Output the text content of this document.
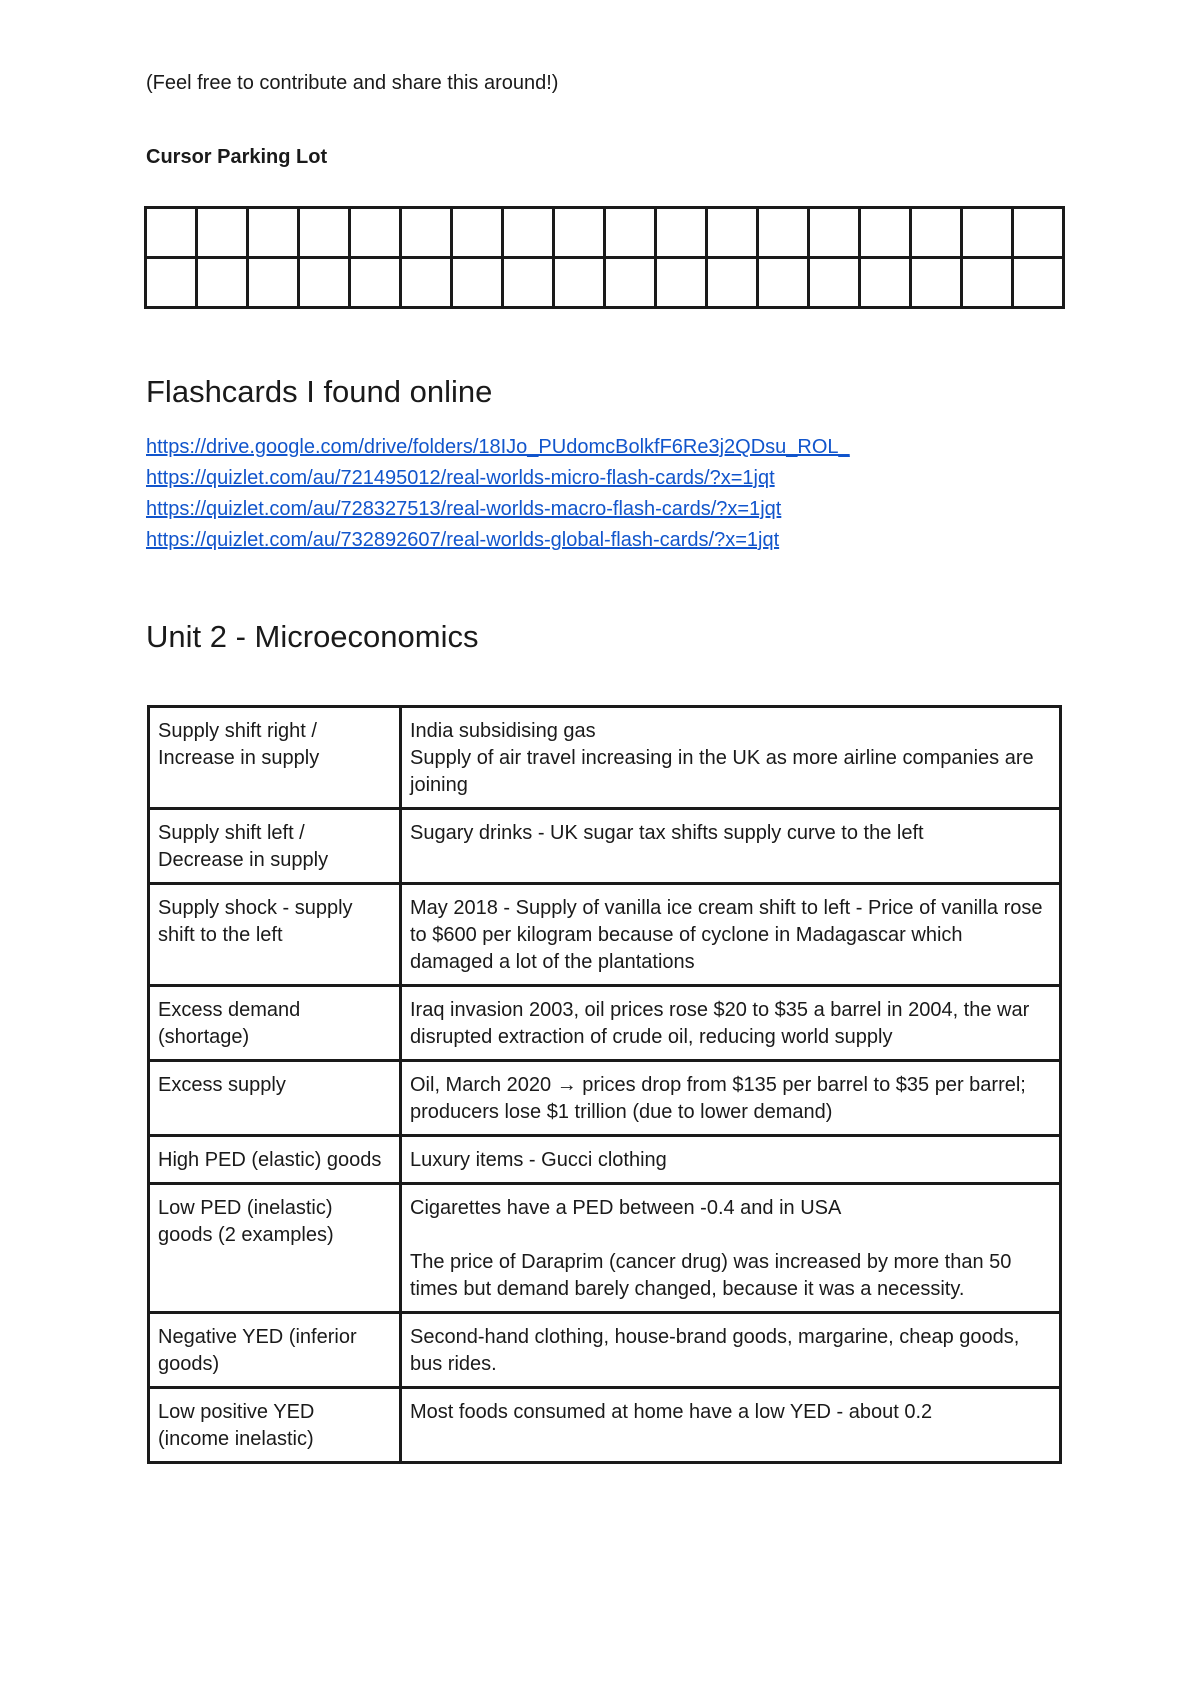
(Feel free to contribute and share this around!)
Cursor Parking Lot

Flashcards I found online
https://drive.google.com/drive/folders/18IJo_PUdomcBolkfF6Re3j2QDsu_ROL_
https://quizlet.com/au/721495012/real-worlds-micro-flash-cards/?x=1jqt
https://quizlet.com/au/728327513/real-worlds-macro-flash-cards/?x=1jqt
https://quizlet.com/au/732892607/real-worlds-global-flash-cards/?x=1jqt
Unit 2 - Microeconomics
Supply shift right / Increase in supply	India subsidising gas
Supply of air travel increasing in the UK as more airline companies are joining
Supply shift left / Decrease in supply	Sugary drinks - UK sugar tax shifts supply curve to the left
Supply shock - supply shift to the left	May 2018 - Supply of vanilla ice cream shift to left - Price of vanilla rose to $600 per kilogram because of cyclone in Madagascar which damaged a lot of the plantations
Excess demand (shortage)	Iraq invasion 2003, oil prices rose $20 to $35 a barrel in 2004, the war disrupted extraction of crude oil, reducing world supply
Excess supply	Oil, March 2020 → prices drop from $135 per barrel to $35 per barrel; producers lose $1 trillion (due to lower demand)
High PED (elastic) goods	Luxury items - Gucci clothing
Low PED (inelastic) goods (2 examples)	Cigarettes have a PED between -0.4 and in USA

The price of Daraprim (cancer drug) was increased by more than 50 times but demand barely changed, because it was a necessity.
Negative YED (inferior goods)	Second-hand clothing, house-brand goods, margarine, cheap goods, bus rides.
Low positive YED (income inelastic)	Most foods consumed at home have a low YED - about 0.2
